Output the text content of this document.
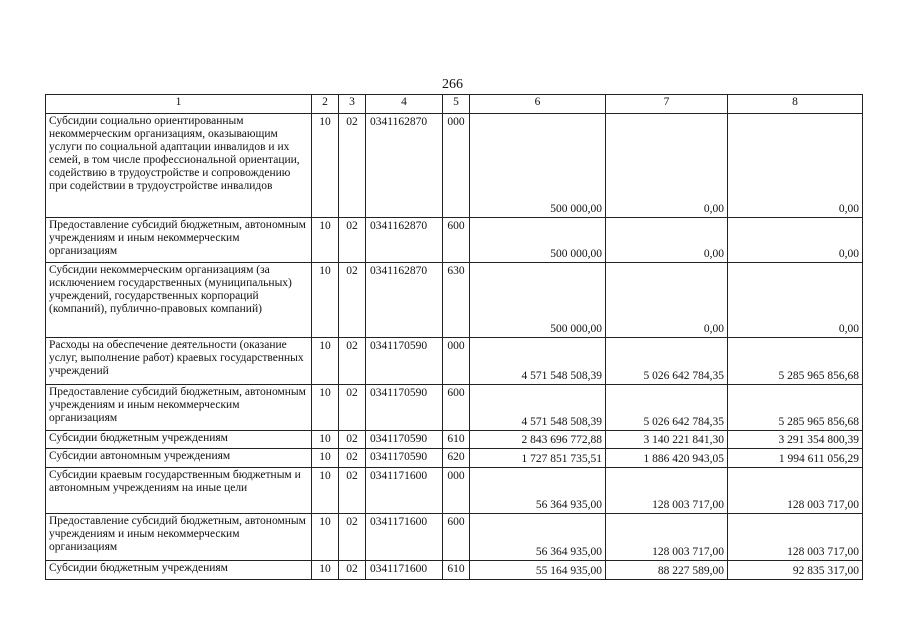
266
1	2	3	4	5	6	7	8
Субсидии социально ориентированным некоммерческим организациям, оказывающим услуги по социальной адаптации инвалидов и их семей, в том числе профессиональной ориентации, содействию в трудоустройстве и сопровождению при содействии в трудоустройстве инвалидов	10	02	0341162870	000	500 000,00	0,00	0,00
Предоставление субсидий бюджетным, автономным учреждениям и иным некоммерческим организациям	10	02	0341162870	600	500 000,00	0,00	0,00
Субсидии некоммерческим организациям (за исключением государственных (муниципальных) учреждений, государственных корпораций (компаний), публично-правовых компаний)	10	02	0341162870	630	500 000,00	0,00	0,00
Расходы на обеспечение деятельности (оказание услуг, выполнение работ) краевых государственных учреждений	10	02	0341170590	000	4 571 548 508,39	5 026 642 784,35	5 285 965 856,68
Предоставление субсидий бюджетным, автономным учреждениям и иным некоммерческим организациям	10	02	0341170590	600	4 571 548 508,39	5 026 642 784,35	5 285 965 856,68
Субсидии бюджетным учреждениям	10	02	0341170590	610	2 843 696 772,88	3 140 221 841,30	3 291 354 800,39
Субсидии автономным учреждениям	10	02	0341170590	620	1 727 851 735,51	1 886 420 943,05	1 994 611 056,29
Субсидии краевым государственным бюджетным и автономным учреждениям на иные цели	10	02	0341171600	000	56 364 935,00	128 003 717,00	128 003 717,00
Предоставление субсидий бюджетным, автономным учреждениям и иным некоммерческим организациям	10	02	0341171600	600	56 364 935,00	128 003 717,00	128 003 717,00
Субсидии бюджетным учреждениям	10	02	0341171600	610	55 164 935,00	88 227 589,00	92 835 317,00
